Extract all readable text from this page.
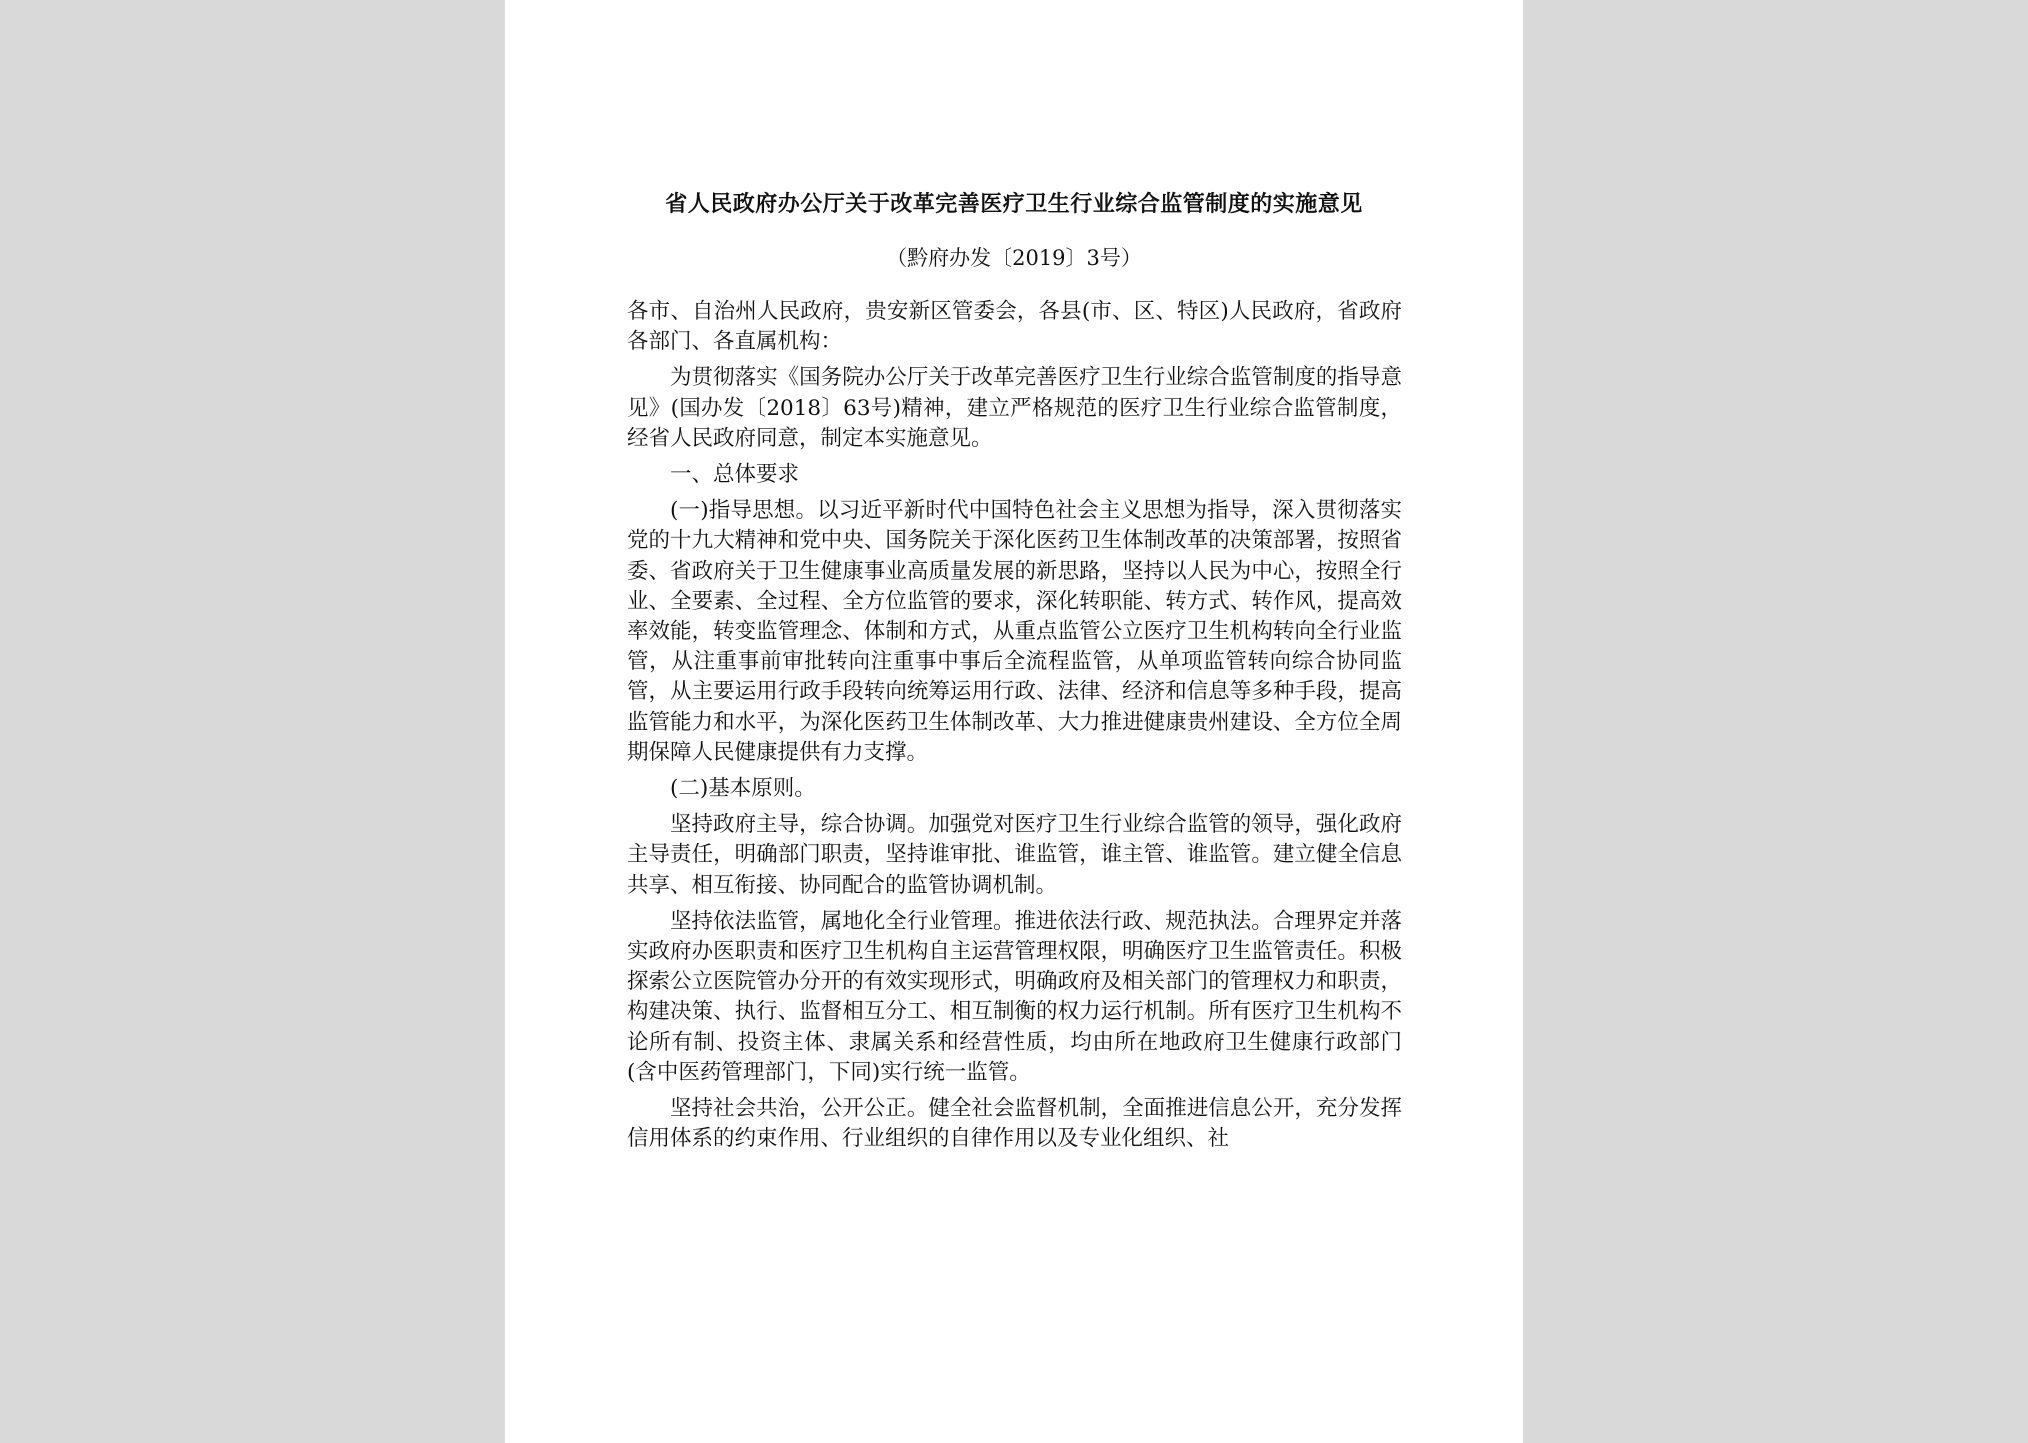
省人民政府办公厅关于改革完善医疗卫生行业综合监管制度的实施意见
（黔府办发〔2019〕3号）

各市、自治州人民政府，贵安新区管委会，各县(市、区、特区)人民政府，省政府各部门、各直属机构：

为贯彻落实《国务院办公厅关于改革完善医疗卫生行业综合监管制度的指导意见》(国办发〔2018〕63号)精神，建立严格规范的医疗卫生行业综合监管制度，经省人民政府同意，制定本实施意见。

一、总体要求

(一)指导思想。以习近平新时代中国特色社会主义思想为指导，深入贯彻落实党的十九大精神和党中央、国务院关于深化医药卫生体制改革的决策部署，按照省委、省政府关于卫生健康事业高质量发展的新思路，坚持以人民为中心，按照全行业、全要素、全过程、全方位监管的要求，深化转职能、转方式、转作风，提高效率效能，转变监管理念、体制和方式，从重点监管公立医疗卫生机构转向全行业监管，从注重事前审批转向注重事中事后全流程监管，从单项监管转向综合协同监管，从主要运用行政手段转向统筹运用行政、法律、经济和信息等多种手段，提高监管能力和水平，为深化医药卫生体制改革、大力推进健康贵州建设、全方位全周期保障人民健康提供有力支撑。

(二)基本原则。

坚持政府主导，综合协调。加强党对医疗卫生行业综合监管的领导，强化政府主导责任，明确部门职责，坚持谁审批、谁监管，谁主管、谁监管。建立健全信息共享、相互衔接、协同配合的监管协调机制。

坚持依法监管，属地化全行业管理。推进依法行政、规范执法。合理界定并落实政府办医职责和医疗卫生机构自主运营管理权限，明确医疗卫生监管责任。积极探索公立医院管办分开的有效实现形式，明确政府及相关部门的管理权力和职责，构建决策、执行、监督相互分工、相互制衡的权力运行机制。所有医疗卫生机构不论所有制、投资主体、隶属关系和经营性质，均由所在地政府卫生健康行政部门(含中医药管理部门，下同)实行统一监管。

坚持社会共治，公开公正。健全社会监督机制，全面推进信息公开，充分发挥信用体系的约束作用、行业组织的自律作用以及专业化组织、社
